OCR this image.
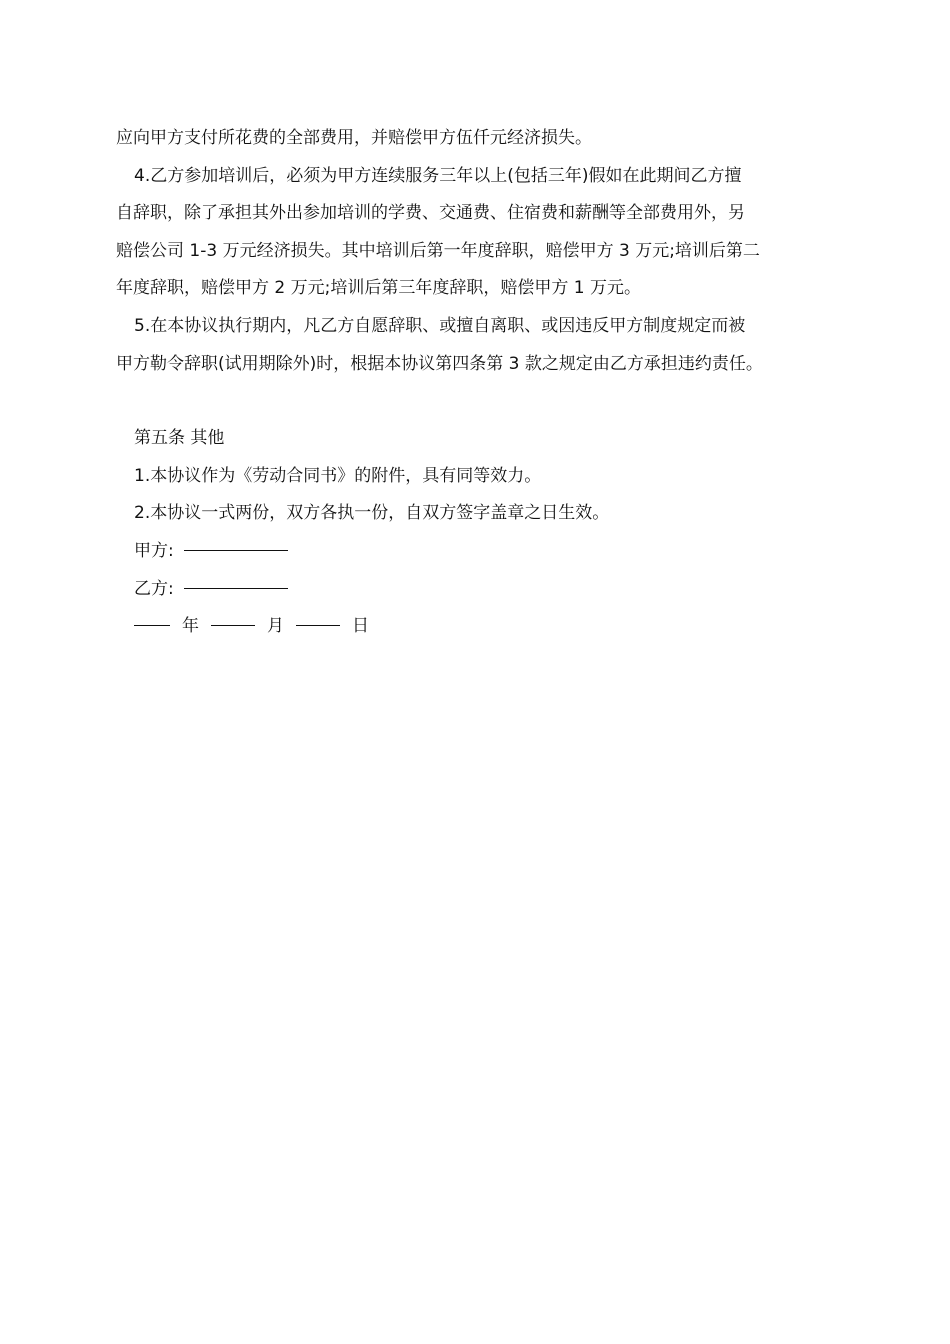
应向甲方支付所花费的全部费用，并赔偿甲方伍仟元经济损失。
4.乙方参加培训后，必须为甲方连续服务三年以上(包括三年)假如在此期间乙方擅
自辞职，除了承担其外出参加培训的学费、交通费、住宿费和薪酬等全部费用外，另
赔偿公司 1-3 万元经济损失。其中培训后第一年度辞职，赔偿甲方 3 万元;培训后第二
年度辞职，赔偿甲方 2 万元;培训后第三年度辞职，赔偿甲方 1 万元。
5.在本协议执行期内，凡乙方自愿辞职、或擅自离职、或因违反甲方制度规定而被
甲方勒令辞职(试用期除外)时，根据本协议第四条第 3 款之规定由乙方承担违约责任。
第五条 其他
1.本协议作为《劳动合同书》的附件，具有同等效力。
2.本协议一式两份，双方各执一份，自双方签字盖章之日生效。
甲方:
乙方:
年	月	日
